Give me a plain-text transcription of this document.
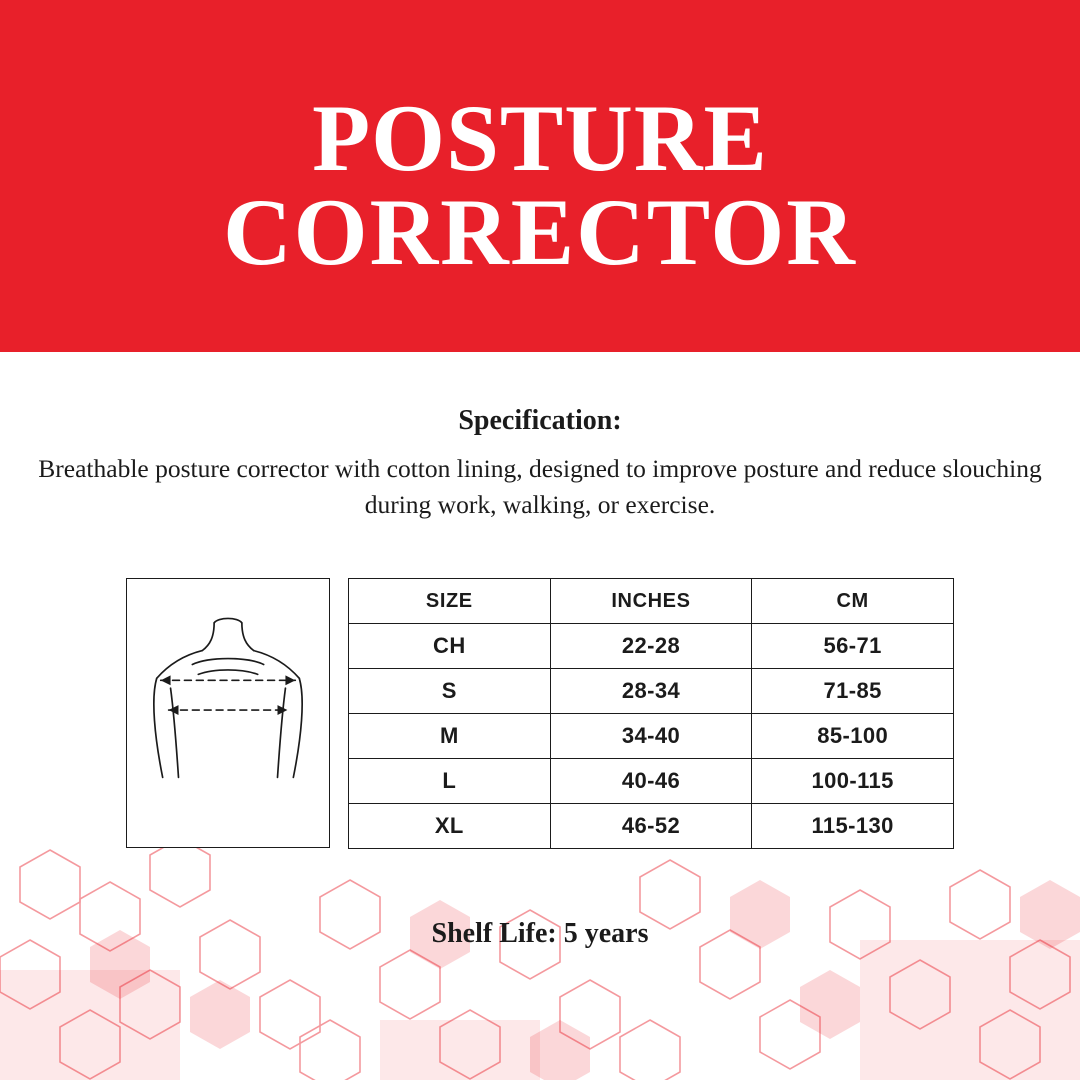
POSTURE
CORRECTOR
Specification:
Breathable posture corrector with cotton lining, designed to improve posture and reduce slouching during work, walking, or exercise.
SIZE	INCHES	CM
CH	22-28	56-71
S	28-34	71-85
M	34-40	85-100
L	40-46	100-115
XL	46-52	115-130
Shelf Life: 5 years
